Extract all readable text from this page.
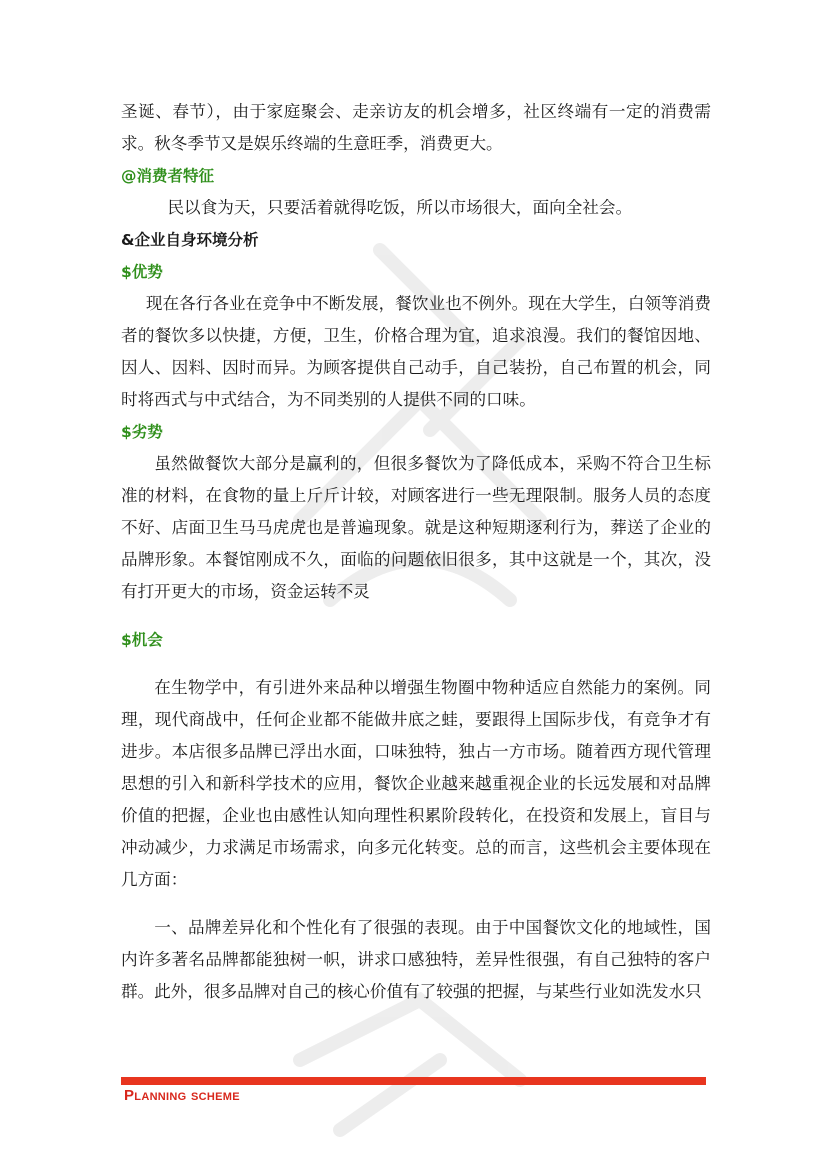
圣诞、春节），由于家庭聚会、走亲访友的机会增多，社区终端有一定的消费需求。秋冬季节又是娱乐终端的生意旺季，消费更大。

@消费者特征

民以食为天，只要活着就得吃饭，所以市场很大，面向全社会。

&企业自身环境分析

$优势

现在各行各业在竞争中不断发展，餐饮业也不例外。现在大学生，白领等消费者的餐饮多以快捷，方便，卫生，价格合理为宜，追求浪漫。我们的餐馆因地、因人、因料、因时而异。为顾客提供自己动手，自己装扮，自己布置的机会，同时将西式与中式结合，为不同类别的人提供不同的口味。

$劣势

虽然做餐饮大部分是赢利的，但很多餐饮为了降低成本，采购不符合卫生标准的材料，在食物的量上斤斤计较，对顾客进行一些无理限制。服务人员的态度不好、店面卫生马马虎虎也是普遍现象。就是这种短期逐利行为，葬送了企业的品牌形象。本餐馆刚成不久，面临的问题依旧很多，其中这就是一个，其次，没有打开更大的市场，资金运转不灵

$机会

在生物学中，有引进外来品种以增强生物圈中物种适应自然能力的案例。同理，现代商战中，任何企业都不能做井底之蛙，要跟得上国际步伐，有竞争才有进步。本店很多品牌已浮出水面，口味独特，独占一方市场。随着西方现代管理思想的引入和新科学技术的应用，餐饮企业越来越重视企业的长远发展和对品牌价值的把握，企业也由感性认知向理性积累阶段转化，在投资和发展上，盲目与冲动减少，力求满足市场需求，向多元化转变。总的而言，这些机会主要体现在几方面：

一、品牌差异化和个性化有了很强的表现。由于中国餐饮文化的地域性，国内许多著名品牌都能独树一帜，讲求口感独特，差异性很强，有自己独特的客户群。此外，很多品牌对自己的核心价值有了较强的把握，与某些行业如洗发水只

Planning scheme
